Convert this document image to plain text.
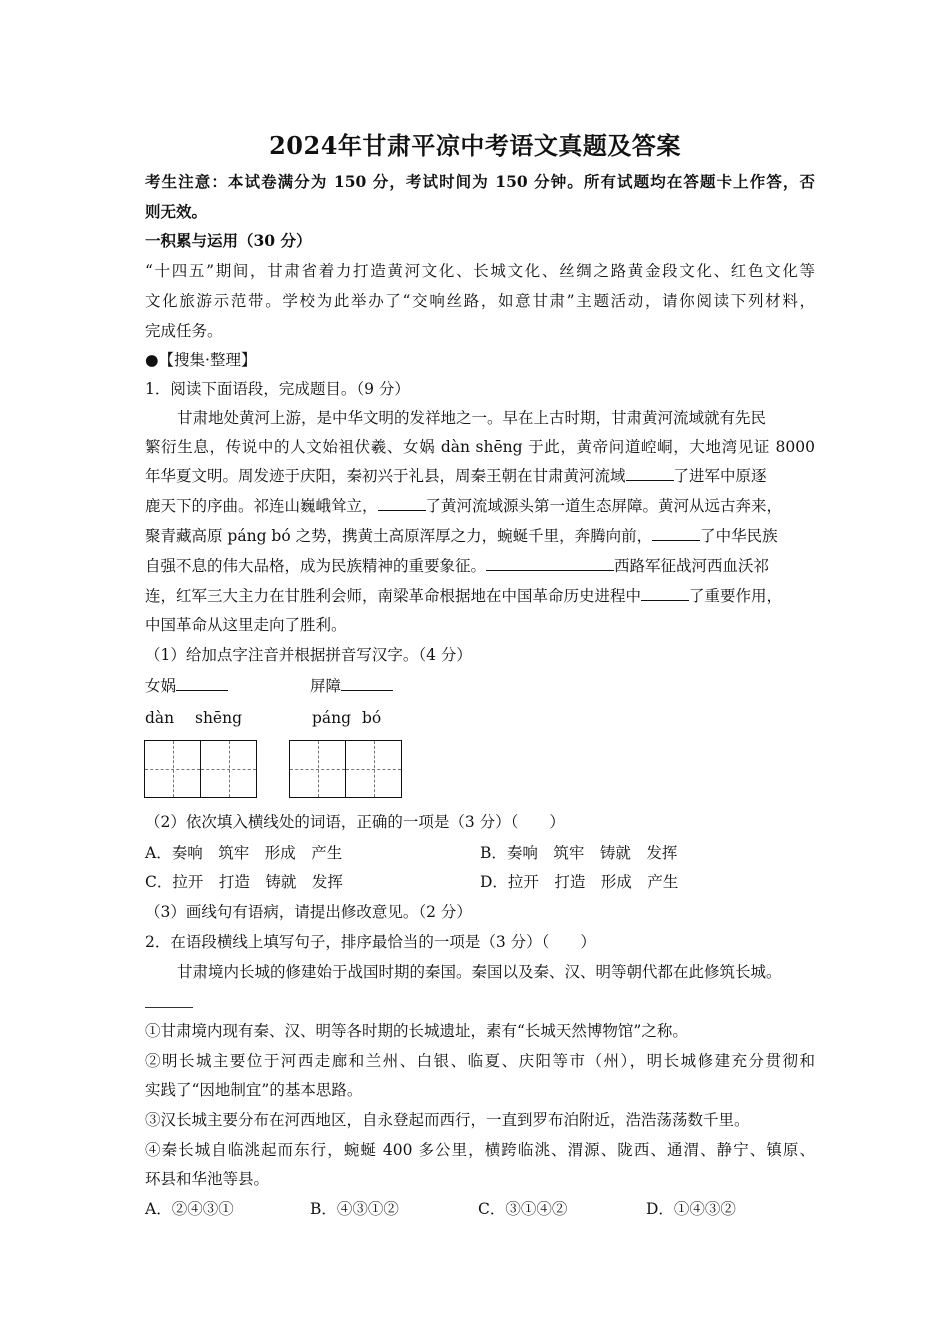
2024年甘肃平凉中考语文真题及答案
考生注意：本试卷满分为 150 分，考试时间为 150 分钟。所有试题均在答题卡上作答，否
则无效。
一积累与运用（30 分）
“十四五”期间，甘肃省着力打造黄河文化、长城文化、丝绸之路黄金段文化、红色文化等
文化旅游示范带。学校为此举办了“交响丝路，如意甘肃”主题活动，请你阅读下列材料，
完成任务。
●【搜集·整理】
1．阅读下面语段，完成题目。（9 分）
甘肃地处黄河上游，是中华文明的发祥地之一。早在上古时期，甘肃黄河流域就有先民
繁衍生息，传说中的人文始祖伏羲、女娲 dàn shēng 于此，黄帝问道崆峒，大地湾见证 8000
年华夏文明。周发迹于庆阳，秦初兴于礼县，周秦王朝在甘肃黄河流域	了进军中原逐
鹿天下的序曲。祁连山巍峨耸立，	了黄河流域源头第一道生态屏障。黄河从远古奔来，
聚青藏高原 páng bó 之势，携黄土高原浑厚之力，蜿蜒千里，奔腾向前，	了中华民族
自强不息的伟大品格，成为民族精神的重要象征。	西路军征战河西血沃祁
连，红军三大主力在甘胜利会师，南梁革命根据地在中国革命历史进程中	了重要作用，
中国革命从这里走向了胜利。
（1）给加点字注音并根据拼音写汉字。（4 分）
女娲	屏障
dàn shēng	páng bó
（2）依次填入横线处的词语，正确的一项是（3 分）（　　）
A．奏响　筑牢　形成　产生	B．奏响　筑牢　铸就　发挥
C．拉开　打造　铸就　发挥	D．拉开　打造　形成　产生
（3）画线句有语病，请提出修改意见。（2 分）
2．在语段横线上填写句子，排序最恰当的一项是（3 分）（　　）
甘肃境内长城的修建始于战国时期的秦国。秦国以及秦、汉、明等朝代都在此修筑长城。
①甘肃境内现有秦、汉、明等各时期的长城遗址，素有“长城天然博物馆”之称。
②明长城主要位于河西走廊和兰州、白银、临夏、庆阳等市（州），明长城修建充分贯彻和
实践了“因地制宜”的基本思路。
③汉长城主要分布在河西地区，自永登起而西行，一直到罗布泊附近，浩浩荡荡数千里。
④秦长城自临洮起而东行，蜿蜒 400 多公里，横跨临洮、渭源、陇西、通渭、静宁、镇原、
环县和华池等县。
A．②④③①	B．④③①②	C．③①④②	D．①④③②
